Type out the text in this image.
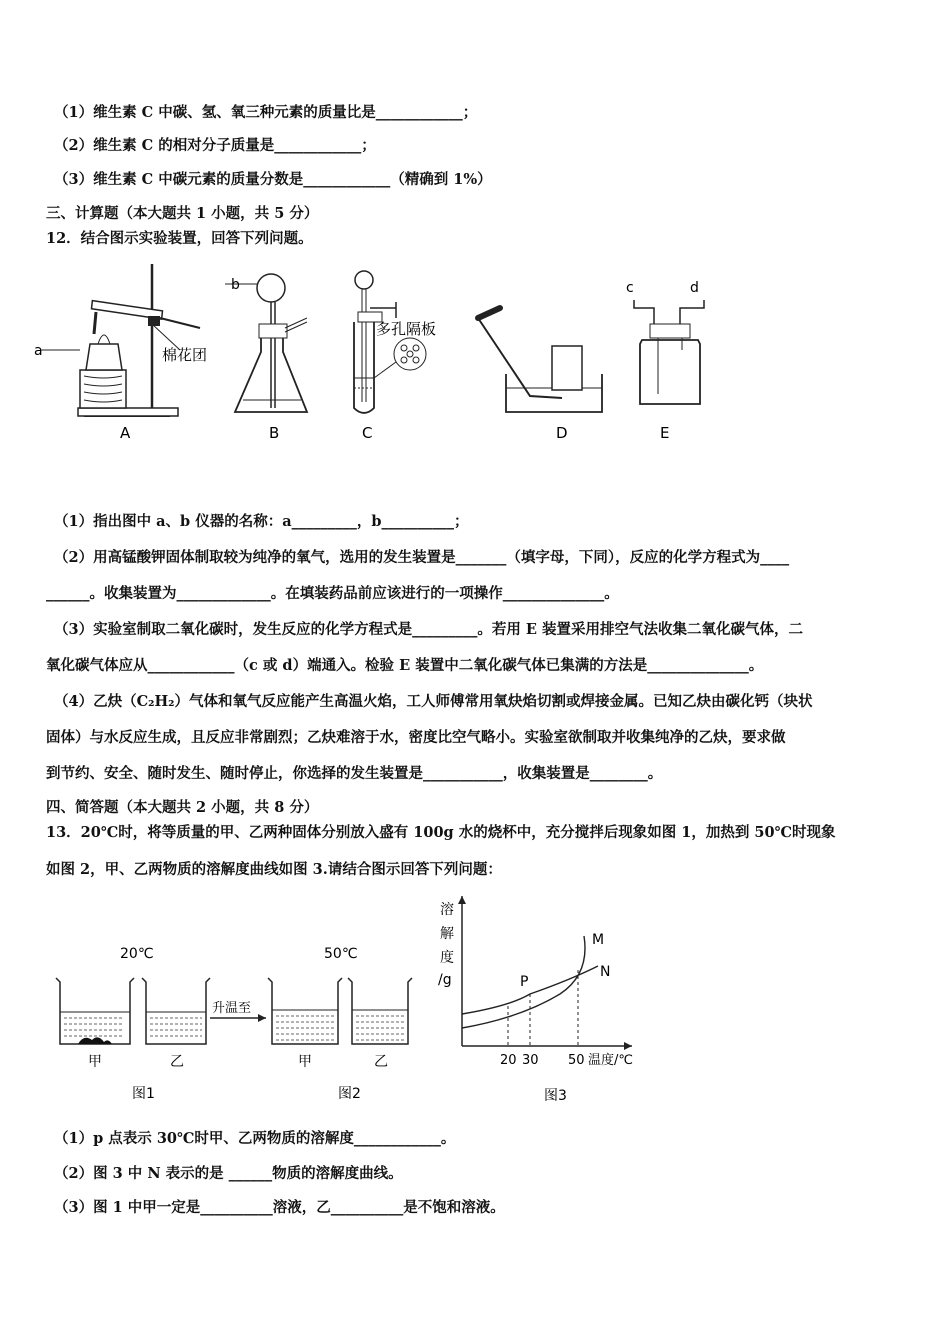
（1）维生素 C 中碳、氢、氧三种元素的质量比是____________；
（2）维生素 C 的相对分子质量是____________；
（3）维生素 C 中碳元素的质量分数是____________（精确到 1%）
三、计算题（本大题共 1 小题，共 5 分）
12．结合图示实验装置，回答下列问题。
a	棉花团
A
b
B
多孔隔板
C	D
c	d
E
（1）指出图中 a、b 仪器的名称：a_________，b__________；
（2）用高锰酸钾固体制取较为纯净的氧气，选用的发生装置是_______（填字母，下同），反应的化学方程式为____
______。收集装置为_____________。在填装药品前应该进行的一项操作______________。
（3）实验室制取二氧化碳时，发生反应的化学方程式是_________。若用 E 装置采用排空气法收集二氧化碳气体，二
氧化碳气体应从____________（c 或 d）端通入。检验 E 装置中二氧化碳气体已集满的方法是______________。
（4）乙炔（C₂H₂）气体和氧气反应能产生高温火焰，工人师傅常用氧炔焰切割或焊接金属。已知乙炔由碳化钙（块状
固体）与水反应生成，且反应非常剧烈；乙炔难溶于水，密度比空气略小。实验室欲制取并收集纯净的乙炔，要求做
到节约、安全、随时发生、随时停止，你选择的发生装置是___________，收集装置是________。
四、简答题（本大题共 2 小题，共 8 分）
13．20℃时，将等质量的甲、乙两种固体分别放入盛有 100g 水的烧杯中，充分搅拌后现象如图 1，加热到 50℃时现象
如图 2，甲、乙两物质的溶解度曲线如图 3.请结合图示回答下列问题：
20℃	50℃
升温至
甲	乙	甲	乙
图1	图2
溶
解
度
/g
M
N
P
20 30 50 温度/℃
图3
（1）p 点表示 30℃时甲、乙两物质的溶解度____________。
（2）图 3 中 N 表示的是 ______物质的溶解度曲线。
（3）图 1 中甲一定是__________溶液，乙__________是不饱和溶液。
